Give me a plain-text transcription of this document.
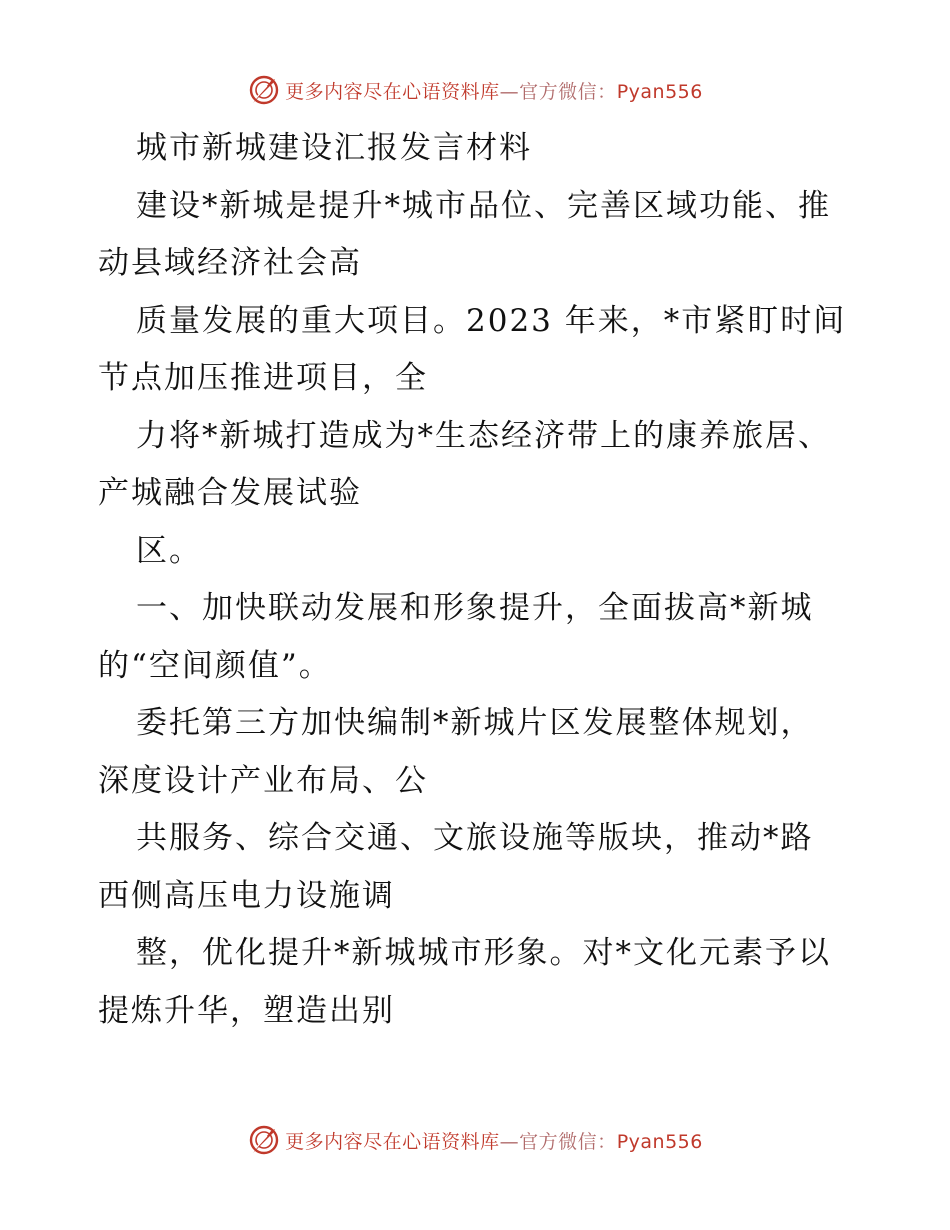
更多内容尽在心语资料库—官方微信：Pyan556
城市新城建设汇报发言材料
建设*新城是提升*城市品位、完善区域功能、推
动县域经济社会高
质量发展的重大项目。2023 年来，*市紧盯时间
节点加压推进项目，全
力将*新城打造成为*生态经济带上的康养旅居、
产城融合发展试验
区。
一、加快联动发展和形象提升，全面拔高*新城
的“空间颜值”。
委托第三方加快编制*新城片区发展整体规划，
深度设计产业布局、公
共服务、综合交通、文旅设施等版块，推动*路
西侧高压电力设施调
整，优化提升*新城城市形象。对*文化元素予以
提炼升华，塑造出别
更多内容尽在心语资料库—官方微信：Pyan556
